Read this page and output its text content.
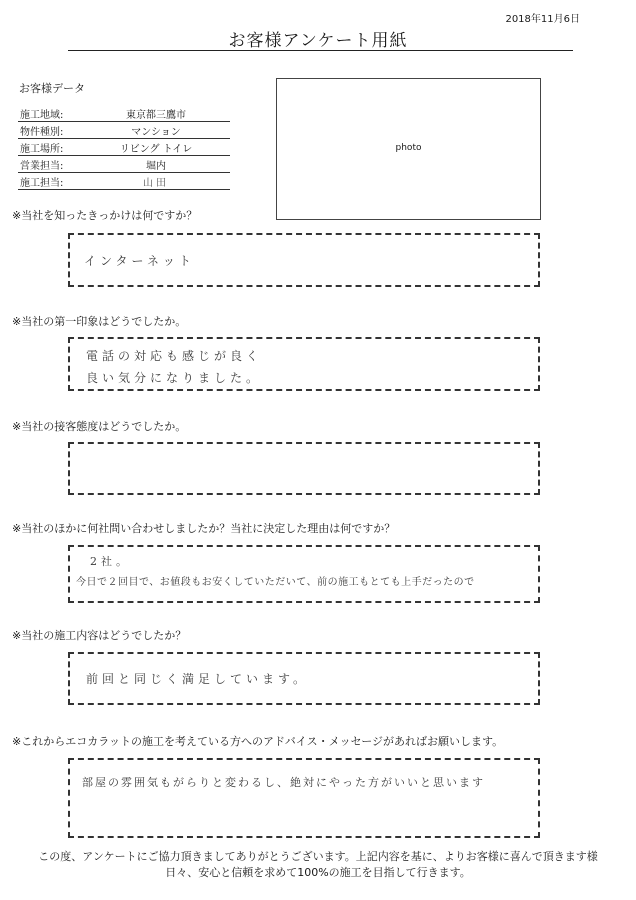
2018年11月6日
お客様アンケート用紙
お客様データ
施工地域:	東京都三鷹市
物件種別:	マンション
施工場所:	リビング トイレ
営業担当:	堀内
施工担当:	山田
photo
※当社を知ったきっかけは何ですか？
インターネット
※当社の第一印象はどうでしたか。
電話の対応も感じが良く
良い気分になりました。
※当社の接客態度はどうでしたか。
※当社のほかに何社問い合わせしましたか？当社に決定した理由は何ですか？
2社。
今日で２回目で、お値段もお安くしていただいて、前の施工もとても上手だったので
※当社の施工内容はどうでしたか？
前回と同じく満足しています。
※これからエコカラットの施工を考えている方へのアドバイス・メッセージがあればお願いします。
部屋の雰囲気もがらりと変わるし、絶対にやった方がいいと思います
この度、アンケートにご協力頂きましてありがとうございます。上記内容を基に、よりお客様に喜んで頂きます様
日々、安心と信頼を求めて100%の施工を目指して行きます。
